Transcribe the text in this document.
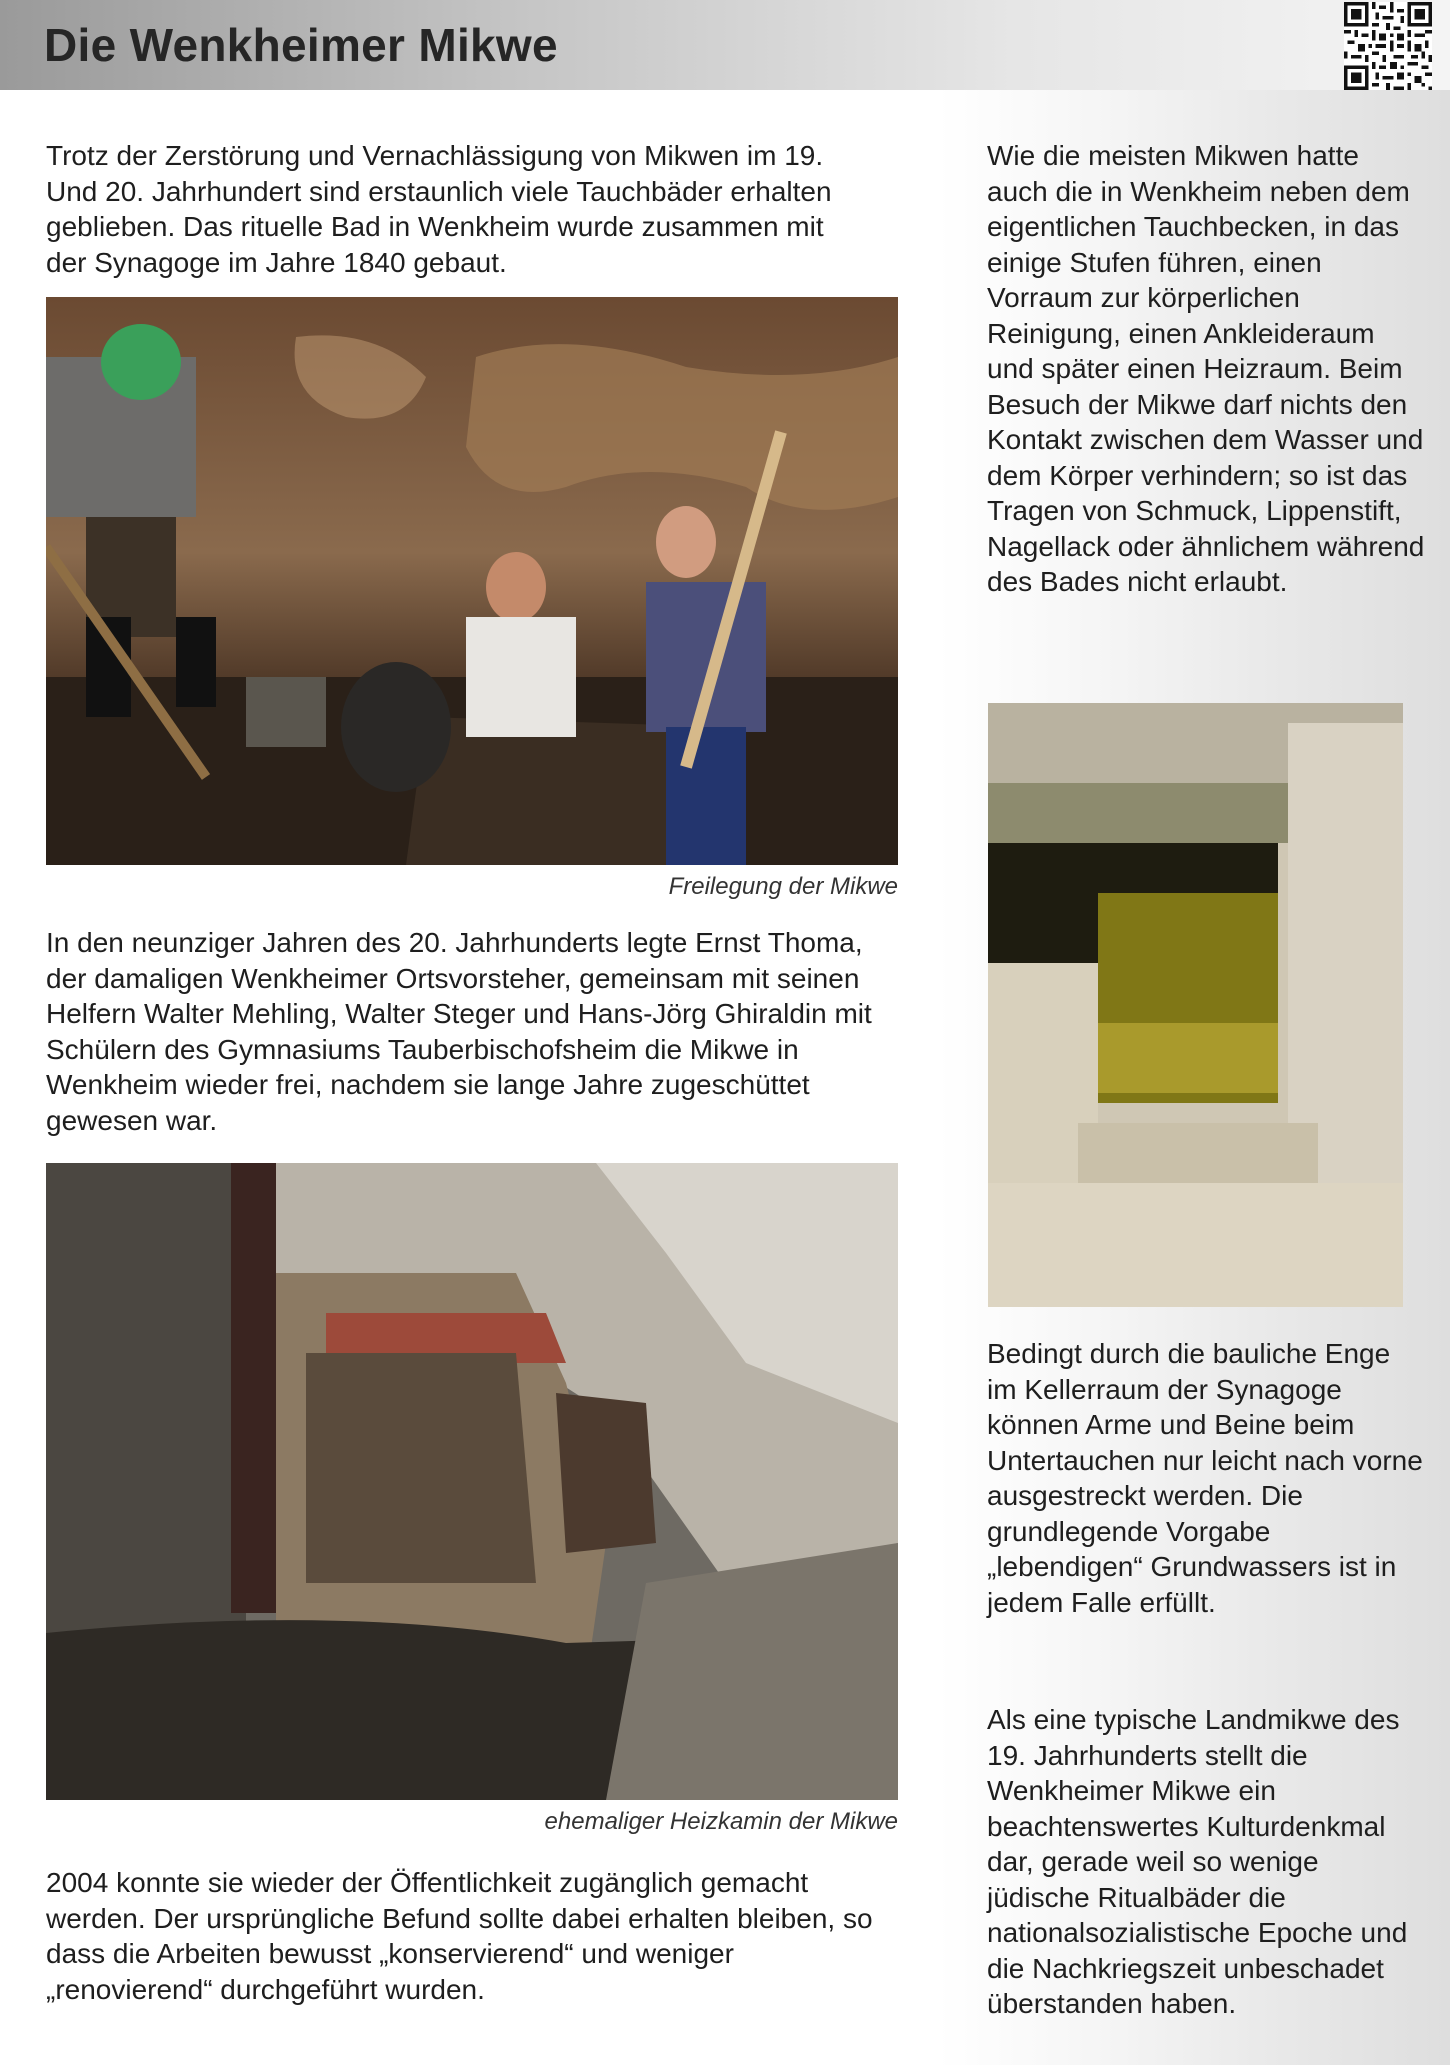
Die Wenkheimer Mikwe
Trotz der Zerstörung und Vernachlässigung von Mikwen im 19. Und 20. Jahrhundert sind erstaunlich viele Tauchbäder erhalten geblieben. Das rituelle Bad in Wenkheim wurde zusammen mit der Synagoge im Jahre 1840 gebaut.
Freilegung der Mikwe
In den neunziger Jahren des 20. Jahrhunderts legte Ernst Thoma, der damaligen Wenkheimer Ortsvorsteher, gemeinsam mit seinen Helfern Walter Mehling, Walter Steger und Hans-Jörg Ghiraldin mit Schülern des Gymnasiums Tauberbischofsheim die Mikwe in Wenkheim wieder frei, nachdem sie lange Jahre zugeschüttet gewesen war.
ehemaliger Heizkamin der Mikwe
2004 konnte sie wieder der Öffentlichkeit zugänglich gemacht werden. Der ursprüngliche Befund sollte dabei erhalten bleiben, so dass die Arbeiten bewusst „konservierend“ und weniger „renovierend“ durchgeführt wurden.
Wie die meisten Mikwen hatte auch die in Wenkheim neben dem eigentlichen Tauchbecken, in das einige Stufen führen, einen Vorraum zur körperlichen Reinigung, einen Ankleideraum und später einen Heizraum. Beim Besuch der Mikwe darf nichts den Kontakt zwischen dem Wasser und dem Körper verhindern; so ist das Tragen von Schmuck, Lippenstift, Nagellack oder ähnlichem während des Bades nicht erlaubt.
Bedingt durch die bauliche Enge im Kellerraum der Synagoge können Arme und Beine beim Untertauchen nur leicht nach vorne ausgestreckt werden. Die grundlegende Vorgabe „lebendigen“ Grundwassers ist in jedem Falle erfüllt.
Als eine typische Landmikwe des 19. Jahrhunderts stellt die Wenkheimer Mikwe ein beachtenswertes Kulturdenkmal dar, gerade weil so wenige jüdische Ritualbäder die nationalsozialistische Epoche und die Nachkriegszeit unbeschadet überstanden haben.
